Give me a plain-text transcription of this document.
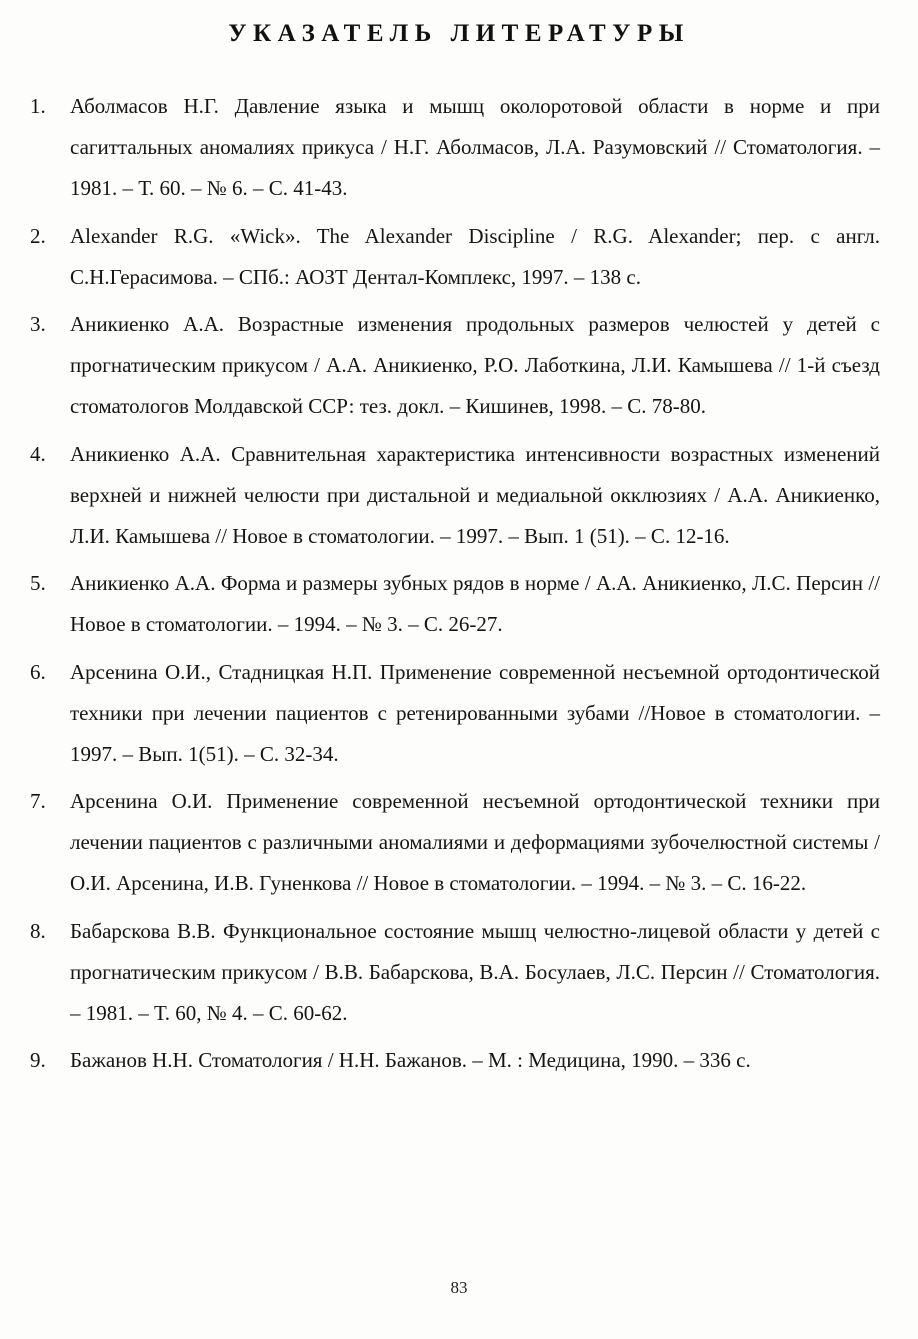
УКАЗАТЕЛЬ ЛИТЕРАТУРЫ
1.	Аболмасов Н.Г. Давление языка и мышц околоротовой области в норме и при сагиттальных аномалиях прикуса / Н.Г. Аболмасов, Л.А. Разумовский // Стоматология. – 1981. – Т. 60. – № 6. – С. 41-43.
2.	Alexander R.G. «Wick». The Alexander Discipline / R.G. Alexander; пер. с англ. С.Н.Герасимова. – СПб.: АОЗТ Дентал-Комплекс, 1997. – 138 с.
3.	Аникиенко А.А. Возрастные изменения продольных размеров челюстей у детей с прогнатическим прикусом / А.А. Аникиенко, Р.О. Лаботкина, Л.И. Камышева // 1-й съезд стоматологов Молдавской ССР: тез. докл. – Кишинев, 1998. – С. 78-80.
4.	Аникиенко А.А. Сравнительная характеристика интенсивности возрастных изменений верхней и нижней челюсти при дистальной и медиальной окклюзиях / А.А. Аникиенко, Л.И. Камышева // Новое в стоматологии. – 1997. – Вып. 1 (51). – С. 12-16.
5.	Аникиенко А.А. Форма и размеры зубных рядов в норме / А.А. Аникиенко, Л.С. Персин // Новое в стоматологии. – 1994. – № 3. – С. 26-27.
6.	Арсенина О.И., Стадницкая Н.П. Применение современной несъемной ортодонтической техники при лечении пациентов с ретенированными зубами //Новое в стоматологии. – 1997. – Вып. 1(51). – С. 32-34.
7.	Арсенина О.И. Применение современной несъемной ортодонтической техники при лечении пациентов с различными аномалиями и деформациями зубочелюстной системы / О.И. Арсенина, И.В. Гуненкова // Новое в стоматологии. – 1994. – № 3. – С. 16-22.
8.	Бабарскова В.В. Функциональное состояние мышц челюстно-лицевой области у детей с прогнатическим прикусом / В.В. Бабарскова, В.А. Босулаев, Л.С. Персин // Стоматология. – 1981. – Т. 60, № 4. – С. 60-62.
9.	Бажанов Н.Н. Стоматология / Н.Н. Бажанов. – М. : Медицина, 1990. – 336 с.
83
